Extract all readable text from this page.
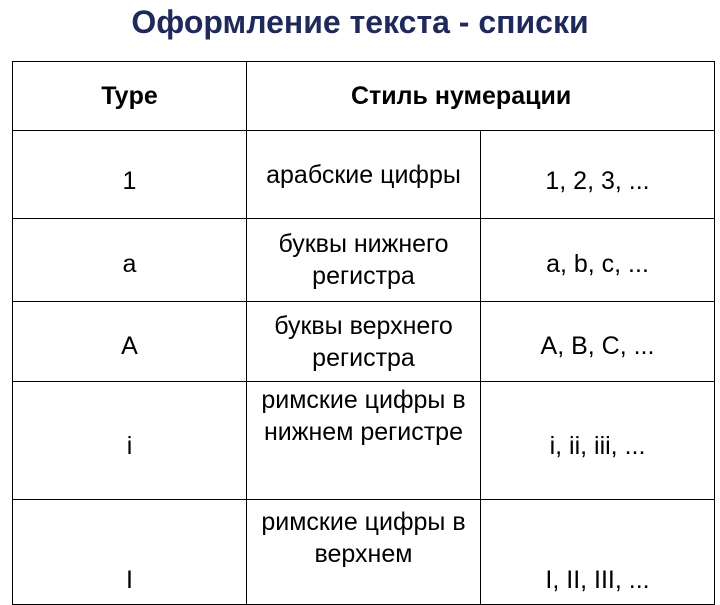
Оформление текста - списки
Type	Стиль нумерации	
1	арабские цифры	1, 2, 3, ...
a	буквы нижнего регистра	a, b, c, ...
A	буквы верхнего регистра	A, B, C, ...
i	римские цифры в нижнем регистре	i, ii, iii, ...
I	римские цифры в верхнем	I, II, III, ...
